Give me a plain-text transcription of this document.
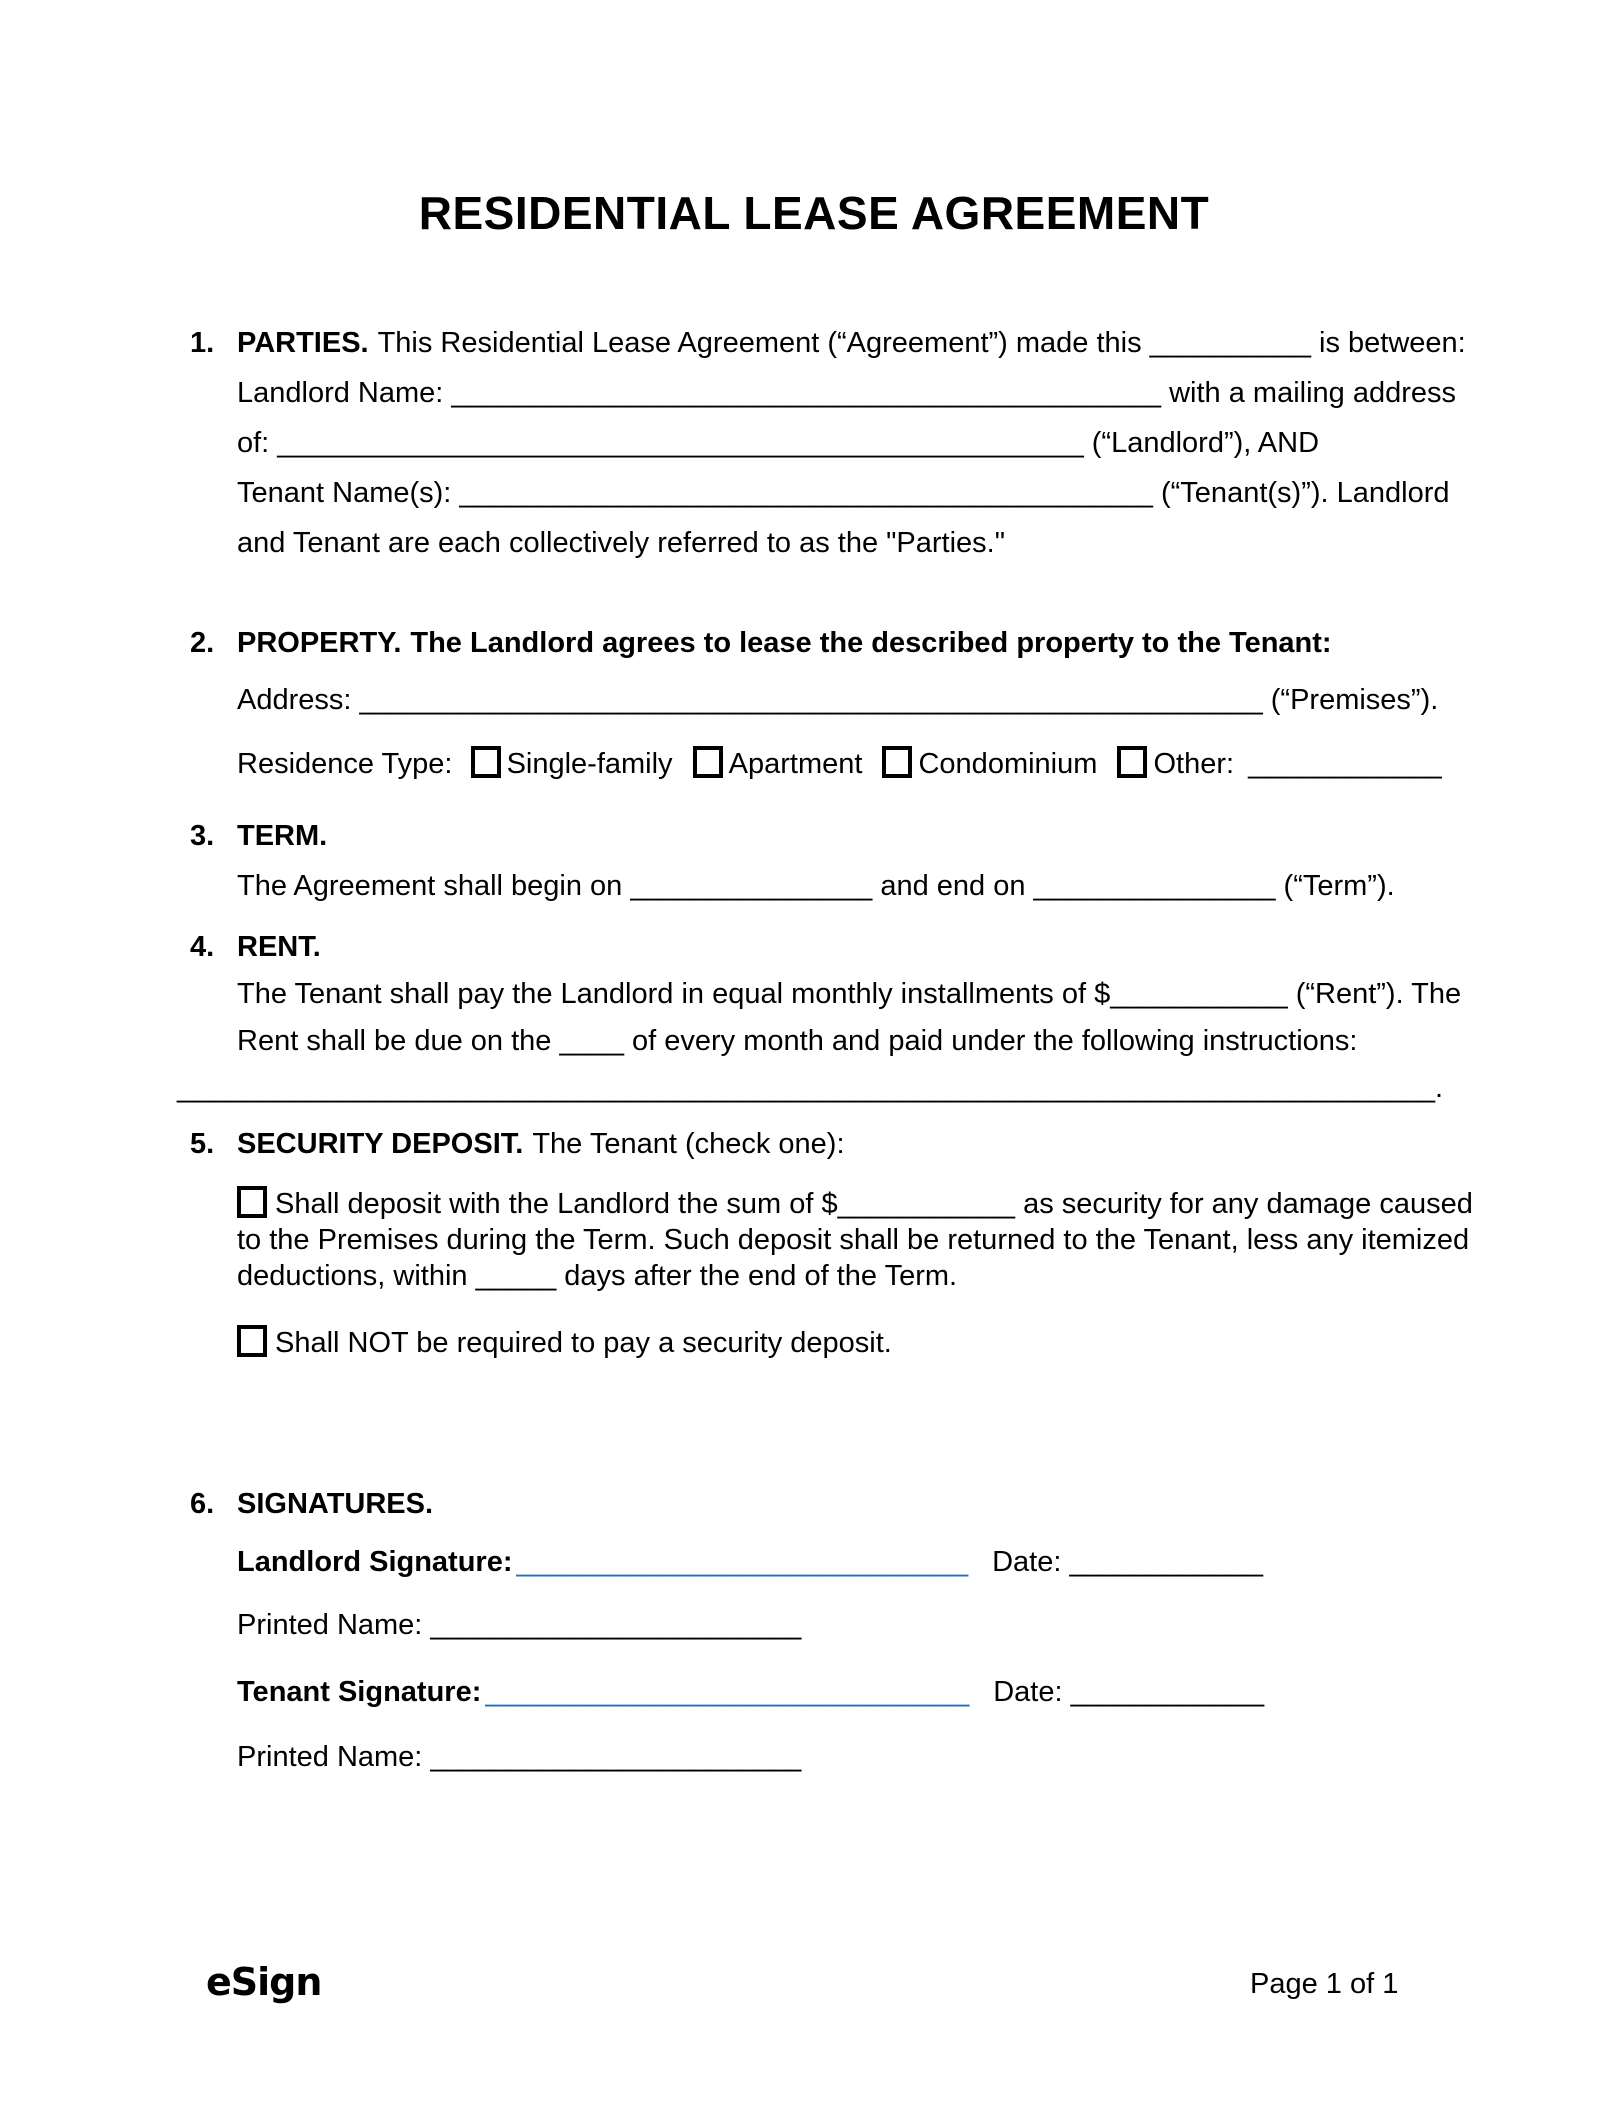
RESIDENTIAL LEASE AGREEMENT
1. PARTIES. This Residential Lease Agreement (“Agreement”) made this __________ is between:
Landlord Name: ____________________________________________ with a mailing address
of: __________________________________________________ (“Landlord”), AND
Tenant Name(s): ___________________________________________ (“Tenant(s)”). Landlord
and Tenant are each collectively referred to as the "Parties."
2. PROPERTY. The Landlord agrees to lease the described property to the Tenant:
Address: ________________________________________________________ (“Premises”).
Residence Type: Single-family Apartment Condominium Other: ____________
3. TERM.
The Agreement shall begin on _______________ and end on _______________ (“Term”).
4. RENT.
The Tenant shall pay the Landlord in equal monthly installments of $___________ (“Rent”). The
Rent shall be due on the ____ of every month and paid under the following instructions:
______________________________________________________________________________.
5. SECURITY DEPOSIT. The Tenant (check one):
Shall deposit with the Landlord the sum of $___________ as security for any damage caused
to the Premises during the Term. Such deposit shall be returned to the Tenant, less any itemized
deductions, within _____ days after the end of the Term.
Shall NOT be required to pay a security deposit.
6. SIGNATURES.
Landlord Signature: ____________________________ Date: ____________
Printed Name: _______________________
Tenant Signature: ______________________________ Date: ____________
Printed Name: _______________________
eSign	Page 1 of 1
